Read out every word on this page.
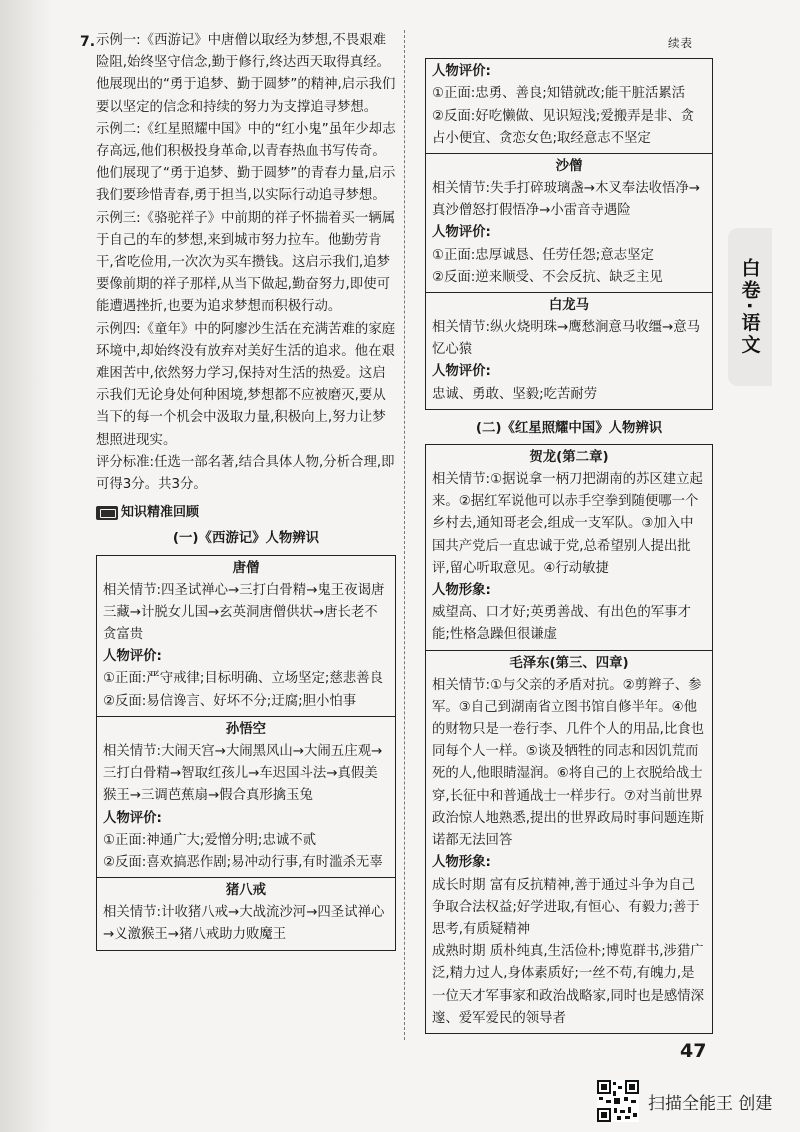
7. 示例一:《西游记》中唐僧以取经为梦想,不畏艰难险阻,始终坚守信念,勤于修行,终达西天取得真经。他展现出的“勇于追梦、勤于圆梦”的精神,启示我们要以坚定的信念和持续的努力为支撑追寻梦想。

示例二:《红星照耀中国》中的“红小鬼”虽年少却志存高远,他们积极投身革命,以青春热血书写传奇。他们展现了“勇于追梦、勤于圆梦”的青春力量,启示我们要珍惜青春,勇于担当,以实际行动追寻梦想。

示例三:《骆驼祥子》中前期的祥子怀揣着买一辆属于自己的车的梦想,来到城市努力拉车。他勤劳肯干,省吃俭用,一次次为买车攒钱。这启示我们,追梦要像前期的祥子那样,从当下做起,勤奋努力,即使可能遭遇挫折,也要为追求梦想而积极行动。

示例四:《童年》中的阿廖沙生活在充满苦难的家庭环境中,却始终没有放弃对美好生活的追求。他在艰难困苦中,依然努力学习,保持对生活的热爱。这启示我们无论身处何种困境,梦想都不应被磨灭,要从当下的每一个机会中汲取力量,积极向上,努力让梦想照进现实。

评分标准:任选一部名著,结合具体人物,分析合理,即可得3分。共3分。

知识精准回顾
(一)《西游记》人物辨识
唐僧
相关情节:四圣试禅心→三打白骨精→鬼王夜谒唐三藏→计脱女儿国→玄英洞唐僧供状→唐长老不贪富贵
人物评价:
①正面:严守戒律;目标明确、立场坚定;慈悲善良
②反面:易信谗言、好坏不分;迂腐;胆小怕事
孙悟空
相关情节:大闹天宫→大闹黑风山→大闹五庄观→三打白骨精→智取红孩儿→车迟国斗法→真假美猴王→三调芭蕉扇→假合真形擒玉兔
人物评价:
①正面:神通广大;爱憎分明;忠诚不贰
②反面:喜欢搞恶作剧;易冲动行事,有时滥杀无辜
猪八戒
相关情节:计收猪八戒→大战流沙河→四圣试禅心→义激猴王→猪八戒助力败魔王
续表
人物评价:
①正面:忠勇、善良;知错就改;能干脏活累活
②反面:好吃懒做、见识短浅;爱搬弄是非、贪占小便宜、贪恋女色;取经意志不坚定
沙僧
相关情节:失手打碎玻璃盏→木叉奉法收悟净→真沙僧怒打假悟净→小雷音寺遇险
人物评价:
①正面:忠厚诚恳、任劳任怨;意志坚定
②反面:逆来顺受、不会反抗、缺乏主见
白龙马
相关情节:纵火烧明珠→鹰愁涧意马收缰→意马忆心猿
人物评价:
忠诚、勇敢、坚毅;吃苦耐劳
(二)《红星照耀中国》人物辨识
贺龙(第二章)
相关情节:①据说拿一柄刀把湖南的苏区建立起来。②据红军说他可以赤手空拳到随便哪一个乡村去,通知哥老会,组成一支军队。③加入中国共产党后一直忠诚于党,总希望别人提出批评,留心听取意见。④行动敏捷
人物形象:
威望高、口才好;英勇善战、有出色的军事才能;性格急躁但很谦虚
毛泽东(第三、四章)
相关情节:①与父亲的矛盾对抗。②剪辫子、参军。③自己到湖南省立图书馆自修半年。④他的财物只是一卷行李、几件个人的用品,比食也同每个人一样。⑤谈及牺牲的同志和因饥荒而死的人,他眼睛湿润。⑥将自己的上衣脱给战士穿,长征中和普通战士一样步行。⑦对当前世界政治惊人地熟悉,提出的世界政局时事问题连斯诺都无法回答
人物形象:
成长时期 富有反抗精神,善于通过斗争为自己争取合法权益;好学进取,有恒心、有毅力;善于思考,有质疑精神
成熟时期 质朴纯真,生活俭朴;博览群书,涉猎广泛,精力过人,身体素质好;一丝不苟,有魄力,是一位天才军事家和政治战略家,同时也是感情深邃、爱军爱民的领导者
白卷·语文
47
扫描全能王 创建
